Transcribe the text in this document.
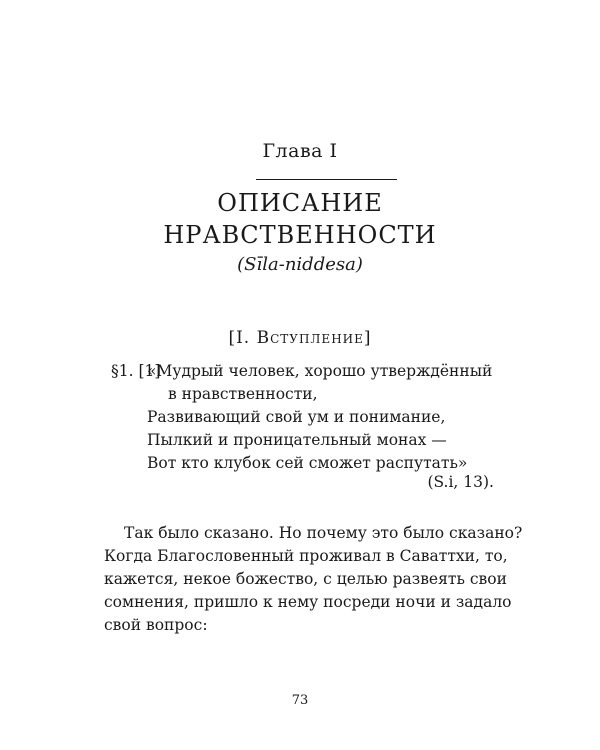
Глава I
ОПИСАНИЕ
НРАВСТВЕННОСТИ
(Sīla-niddesa)
[I. Вступление]
§1. [1]«Мудрый человек, хорошо утверждённый
в нравственности,
Развивающий свой ум и понимание,
Пылкий и проницательный монах —
Вот кто клубок сей сможет распутать»
(S.i, 13).
Так было сказано. Но почему это было сказано?
Когда Благословенный проживал в Саваттхи, то,
кажется, некое божество, с целью развеять свои
сомнения, пришло к нему посреди ночи и задало
свой вопрос:
73
